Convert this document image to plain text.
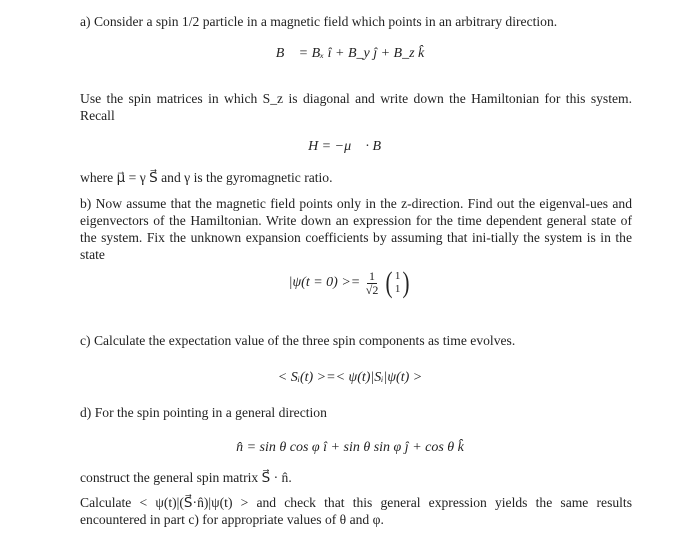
a) Consider a spin 1/2 particle in a magnetic field which points in an arbitrary direction.
B⃗ = Bₓ î + B_y ĵ + B_z k̂
Use the spin matrices in which S_z is diagonal and write down the Hamiltonian for this system. Recall
H = −μ⃗ · B⃗
where μ⃗ = γ S⃗ and γ is the gyromagnetic ratio.
b) Now assume that the magnetic field points only in the z-direction. Find out the eigenval-ues and eigenvectors of the Hamiltonian. Write down an expression for the time dependent general state of the system. Fix the unknown expansion coefficients by assuming that ini-tially the system is in the state
$|\psi(t = 0) >= \frac{1}{√2}$
( 1
1 )
c) Calculate the expectation value of the three spin components as time evolves.
< Sᵢ(t) >=< ψ(t)|Sᵢ|ψ(t) >
d) For the spin pointing in a general direction
n̂ = sin θ cos φ î + sin θ sin φ ĵ + cos θ k̂
construct the general spin matrix S⃗ · n̂.
Calculate < ψ(t)|(S⃗·n̂)|ψ(t) > and check that this general expression yields the same results encountered in part c) for appropriate values of θ and φ.
